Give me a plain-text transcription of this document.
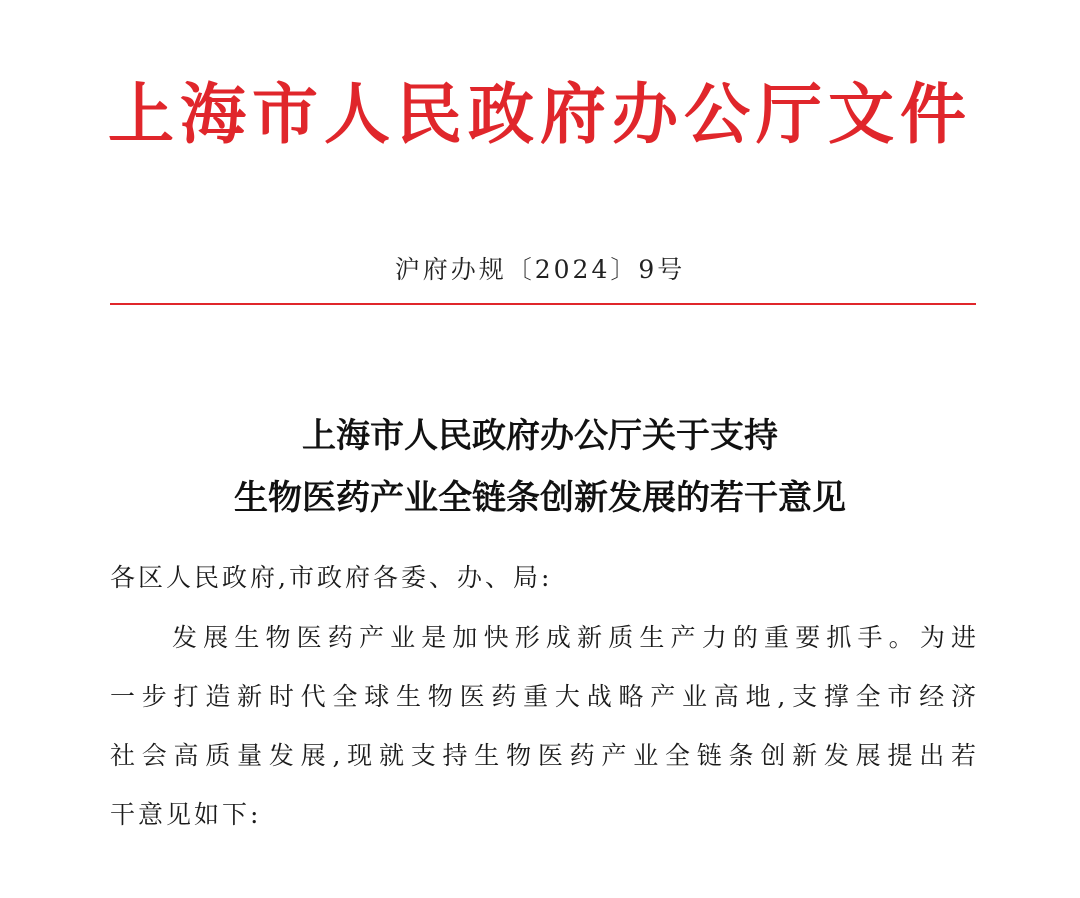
上海市人民政府办公厅文件
沪府办规〔2024〕9号
上海市人民政府办公厅关于支持
生物医药产业全链条创新发展的若干意见
各区人民政府,市政府各委、办、局:
发展生物医药产业是加快形成新质生产力的重要抓手。为进
一步打造新时代全球生物医药重大战略产业高地,支撑全市经济
社会高质量发展,现就支持生物医药产业全链条创新发展提出若
干意见如下:
